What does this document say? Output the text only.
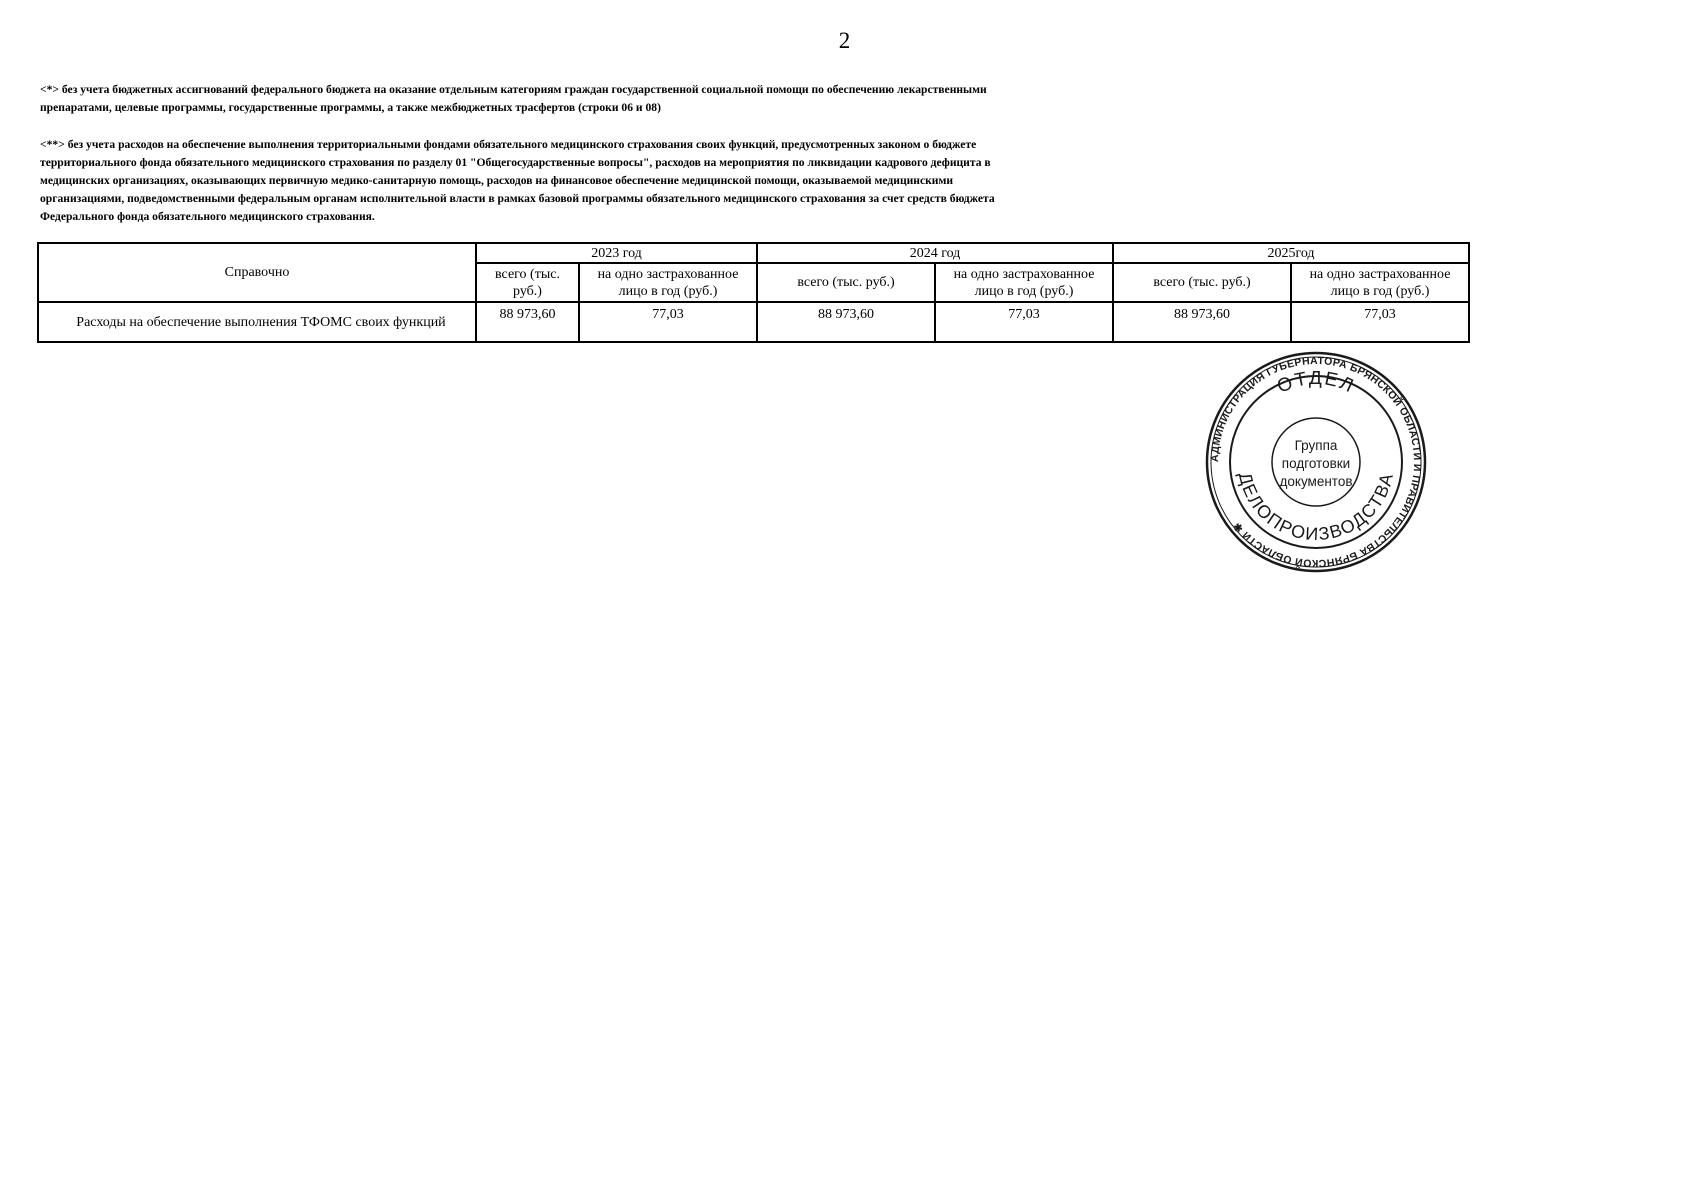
2
<*> без учета бюджетных ассигнований федерального бюджета на оказание отдельным категориям граждан государственной социальной помощи по обеспечению лекарственными
препаратами, целевые программы, государственные программы, а также межбюджетных трасфертов (строки 06 и 08)
<**> без учета расходов на обеспечение выполнения территориальными фондами обязательного медицинского страхования своих функций, предусмотренных законом о бюджете
территориального фонда обязательного медицинского страхования по разделу 01 "Общегосударственные вопросы", расходов на мероприятия по ликвидации кадрового дефицита в
медицинских организациях, оказывающих первичную медико-санитарную помощь, расходов на финансовое обеспечение медицинской помощи, оказываемой медицинскими
организациями, подведомственными федеральным органам исполнительной власти в рамках базовой программы обязательного медицинского страхования за счет средств бюджета
Федерального фонда обязательного медицинского страхования.
Справочно	2023 год		2024 год		2025год	
	всего (тыс. руб.)	на одно застрахованное лицо в год (руб.)	всего (тыс. руб.)	на одно застрахованное лицо в год (руб.)	всего (тыс. руб.)	на одно застрахованное лицо в год (руб.)
Расходы на обеспечение выполнения ТФОМС своих функций	88 973,60	77,03	88 973,60	77,03	88 973,60	77,03
АДМИНИСТРАЦИЯ ГУБЕРНАТОРА БРЯНСКОЙ ОБЛАСТИ И ПРАВИТЕЛЬСТВА БРЯНСКОЙ ОБЛАСТИ ✱
ОТДЕЛ
ДЕЛОПРОИЗВОДСТВА
Группа
подготовки
документов
